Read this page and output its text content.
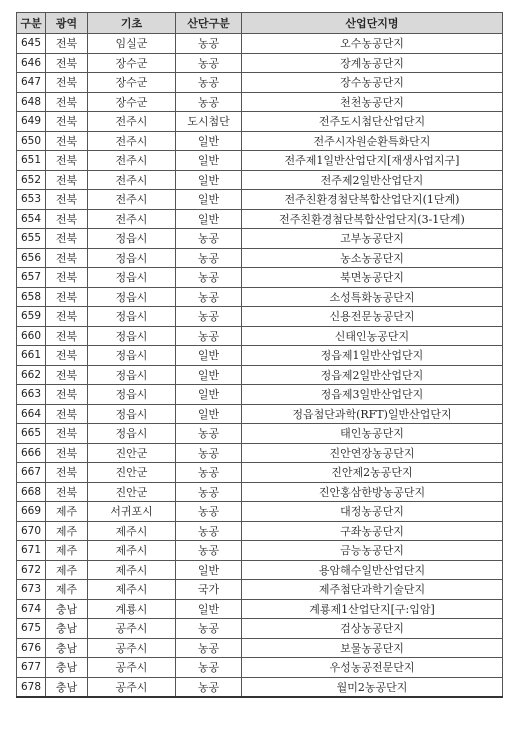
구분	광역	기초	산단구분	산업단지명
645	전북	임실군	농공	오수농공단지
646	전북	장수군	농공	장계농공단지
647	전북	장수군	농공	장수농공단지
648	전북	장수군	농공	천천농공단지
649	전북	전주시	도시첨단	전주도시첨단산업단지
650	전북	전주시	일반	전주시자원순환특화단지
651	전북	전주시	일반	전주제1일반산업단지[재생사업지구]
652	전북	전주시	일반	전주제2일반산업단지
653	전북	전주시	일반	전주친환경첨단복합산업단지(1단계)
654	전북	전주시	일반	전주친환경첨단복합산업단지(3-1단계)
655	전북	정읍시	농공	고부농공단지
656	전북	정읍시	농공	농소농공단지
657	전북	정읍시	농공	북면농공단지
658	전북	정읍시	농공	소성특화농공단지
659	전북	정읍시	농공	신용전문농공단지
660	전북	정읍시	농공	신태인농공단지
661	전북	정읍시	일반	정읍제1일반산업단지
662	전북	정읍시	일반	정읍제2일반산업단지
663	전북	정읍시	일반	정읍제3일반산업단지
664	전북	정읍시	일반	정읍첨단과학(RFT)일반산업단지
665	전북	정읍시	농공	태인농공단지
666	전북	진안군	농공	진안연장농공단지
667	전북	진안군	농공	진안제2농공단지
668	전북	진안군	농공	진안홍삼한방농공단지
669	제주	서귀포시	농공	대정농공단지
670	제주	제주시	농공	구좌농공단지
671	제주	제주시	농공	금능농공단지
672	제주	제주시	일반	용암해수일반산업단지
673	제주	제주시	국가	제주첨단과학기술단지
674	충남	계룡시	일반	계룡제1산업단지[구:입암]
675	충남	공주시	농공	검상농공단지
676	충남	공주시	농공	보물농공단지
677	충남	공주시	농공	우성농공전문단지
678	충남	공주시	농공	월미2농공단지
